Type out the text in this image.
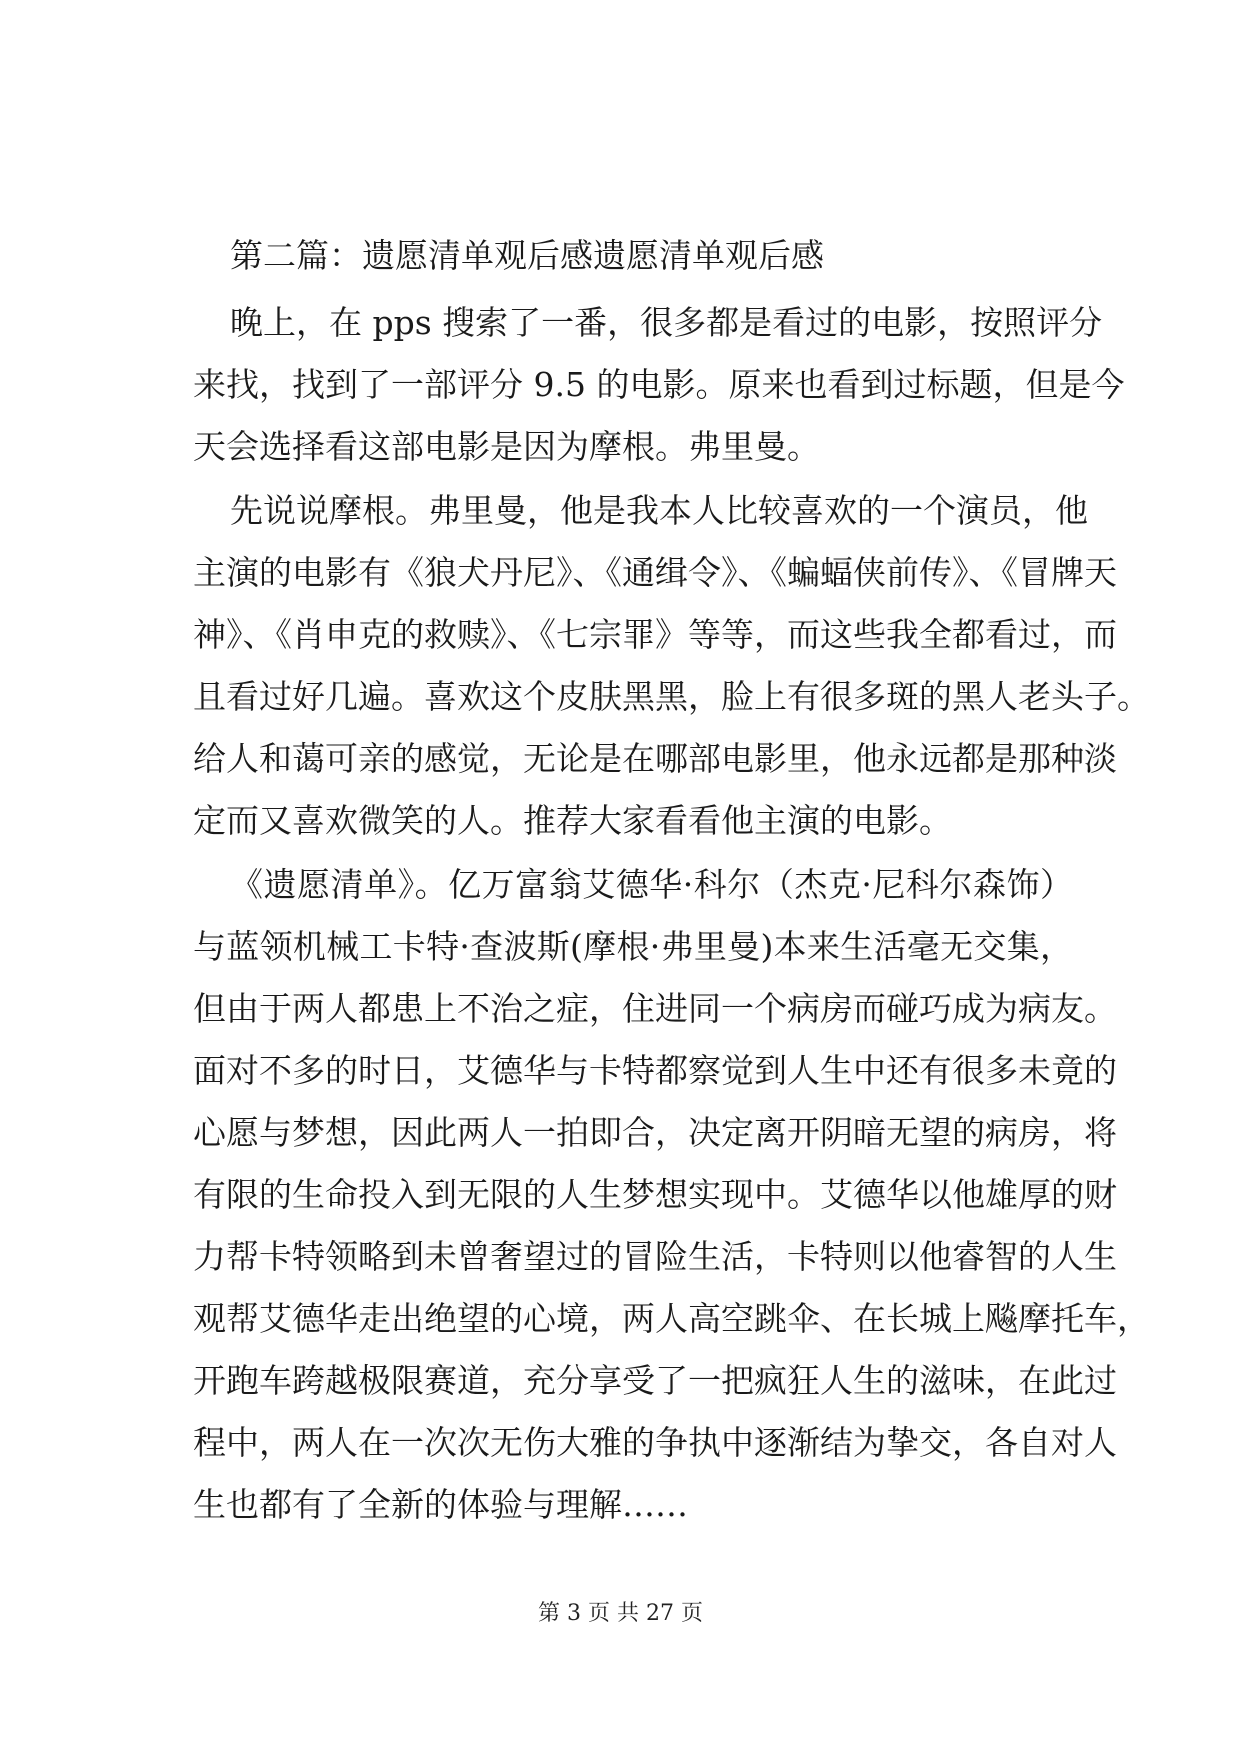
第二篇：遗愿清单观后感遗愿清单观后感
晚上，在 pps 搜索了一番，很多都是看过的电影，按照评分
来找，找到了一部评分 9.5 的电影。原来也看到过标题，但是今
天会选择看这部电影是因为摩根。弗里曼。
先说说摩根。弗里曼，他是我本人比较喜欢的一个演员，他
主演的电影有《狼犬丹尼》、《通缉令》、《蝙蝠侠前传》、《冒牌天
神》、《肖申克的救赎》、《七宗罪》等等，而这些我全都看过，而
且看过好几遍。喜欢这个皮肤黑黑，脸上有很多斑的黑人老头子。
给人和蔼可亲的感觉，无论是在哪部电影里，他永远都是那种淡
定而又喜欢微笑的人。推荐大家看看他主演的电影。
《遗愿清单》。亿万富翁艾德华·科尔（杰克·尼科尔森饰）
与蓝领机械工卡特·查波斯(摩根·弗里曼)本来生活毫无交集，
但由于两人都患上不治之症，住进同一个病房而碰巧成为病友。
面对不多的时日，艾德华与卡特都察觉到人生中还有很多未竟的
心愿与梦想，因此两人一拍即合，决定离开阴暗无望的病房，将
有限的生命投入到无限的人生梦想实现中。艾德华以他雄厚的财
力帮卡特领略到未曾奢望过的冒险生活，卡特则以他睿智的人生
观帮艾德华走出绝望的心境，两人高空跳伞、在长城上飚摩托车，
开跑车跨越极限赛道，充分享受了一把疯狂人生的滋味，在此过
程中，两人在一次次无伤大雅的争执中逐渐结为挚交，各自对人
生也都有了全新的体验与理解……
第 3 页 共 27 页
